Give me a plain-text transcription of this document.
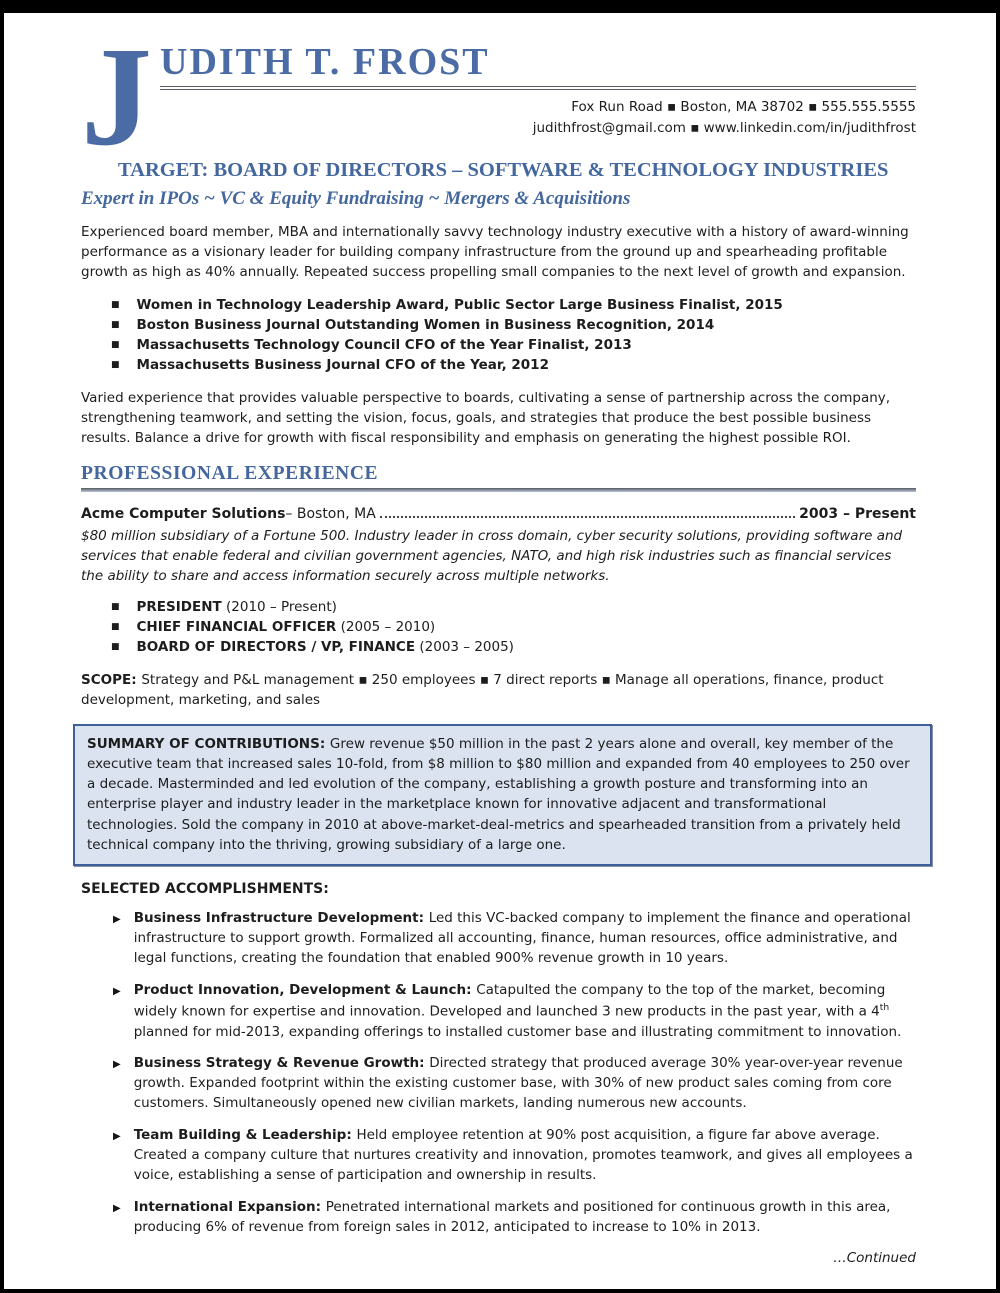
J UDITH T. FROST
Fox Run Road ▪ Boston, MA 38702 ▪ 555.555.5555
judithfrost@gmail.com ▪ www.linkedin.com/in/judithfrost
TARGET: BOARD OF DIRECTORS – SOFTWARE & TECHNOLOGY INDUSTRIES
Expert in IPOs ~ VC & Equity Fundraising ~ Mergers & Acquisitions

Experienced board member, MBA and internationally savvy technology industry executive with a history of award-winning performance as a visionary leader for building company infrastructure from the ground up and spearheading profitable growth as high as 40% annually. Repeated success propelling small companies to the next level of growth and expansion.

■ Women in Technology Leadership Award, Public Sector Large Business Finalist, 2015
■ Boston Business Journal Outstanding Women in Business Recognition, 2014
■ Massachusetts Technology Council CFO of the Year Finalist, 2013
■ Massachusetts Business Journal CFO of the Year, 2012

Varied experience that provides valuable perspective to boards, cultivating a sense of partnership across the company, strengthening teamwork, and setting the vision, focus, goals, and strategies that produce the best possible business results. Balance a drive for growth with fiscal responsibility and emphasis on generating the highest possible ROI.

PROFESSIONAL EXPERIENCE
Acme Computer Solutions – Boston, MA	2003 – Present

$80 million subsidiary of a Fortune 500. Industry leader in cross domain, cyber security solutions, providing software and services that enable federal and civilian government agencies, NATO, and high risk industries such as financial services the ability to share and access information securely across multiple networks.

■ PRESIDENT (2010 – Present)
■ CHIEF FINANCIAL OFFICER (2005 – 2010)
■ BOARD OF DIRECTORS / VP, FINANCE (2003 – 2005)

SCOPE: Strategy and P&L management ▪ 250 employees ▪ 7 direct reports ▪ Manage all operations, finance, product development, marketing, and sales

SUMMARY OF CONTRIBUTIONS: Grew revenue $50 million in the past 2 years alone and overall, key member of the executive team that increased sales 10-fold, from $8 million to $80 million and expanded from 40 employees to 250 over a decade. Masterminded and led evolution of the company, establishing a growth posture and transforming into an enterprise player and industry leader in the marketplace known for innovative adjacent and transformational technologies. Sold the company in 2010 at above-market-deal-metrics and spearheaded transition from a privately held technical company into the thriving, growing subsidiary of a large one.
SELECTED ACCOMPLISHMENTS:
▶ Business Infrastructure Development: Led this VC-backed company to implement the finance and operational infrastructure to support growth. Formalized all accounting, finance, human resources, office administrative, and legal functions, creating the foundation that enabled 900% revenue growth in 10 years.
▶ Product Innovation, Development & Launch: Catapulted the company to the top of the market, becoming widely known for expertise and innovation. Developed and launched 3 new products in the past year, with a 4th planned for mid-2013, expanding offerings to installed customer base and illustrating commitment to innovation.
▶ Business Strategy & Revenue Growth: Directed strategy that produced average 30% year-over-year revenue growth. Expanded footprint within the existing customer base, with 30% of new product sales coming from core customers. Simultaneously opened new civilian markets, landing numerous new accounts.
▶ Team Building & Leadership: Held employee retention at 90% post acquisition, a figure far above average. Created a company culture that nurtures creativity and innovation, promotes teamwork, and gives all employees a voice, establishing a sense of participation and ownership in results.
▶ International Expansion: Penetrated international markets and positioned for continuous growth in this area, producing 6% of revenue from foreign sales in 2012, anticipated to increase to 10% in 2013.
…Continued
